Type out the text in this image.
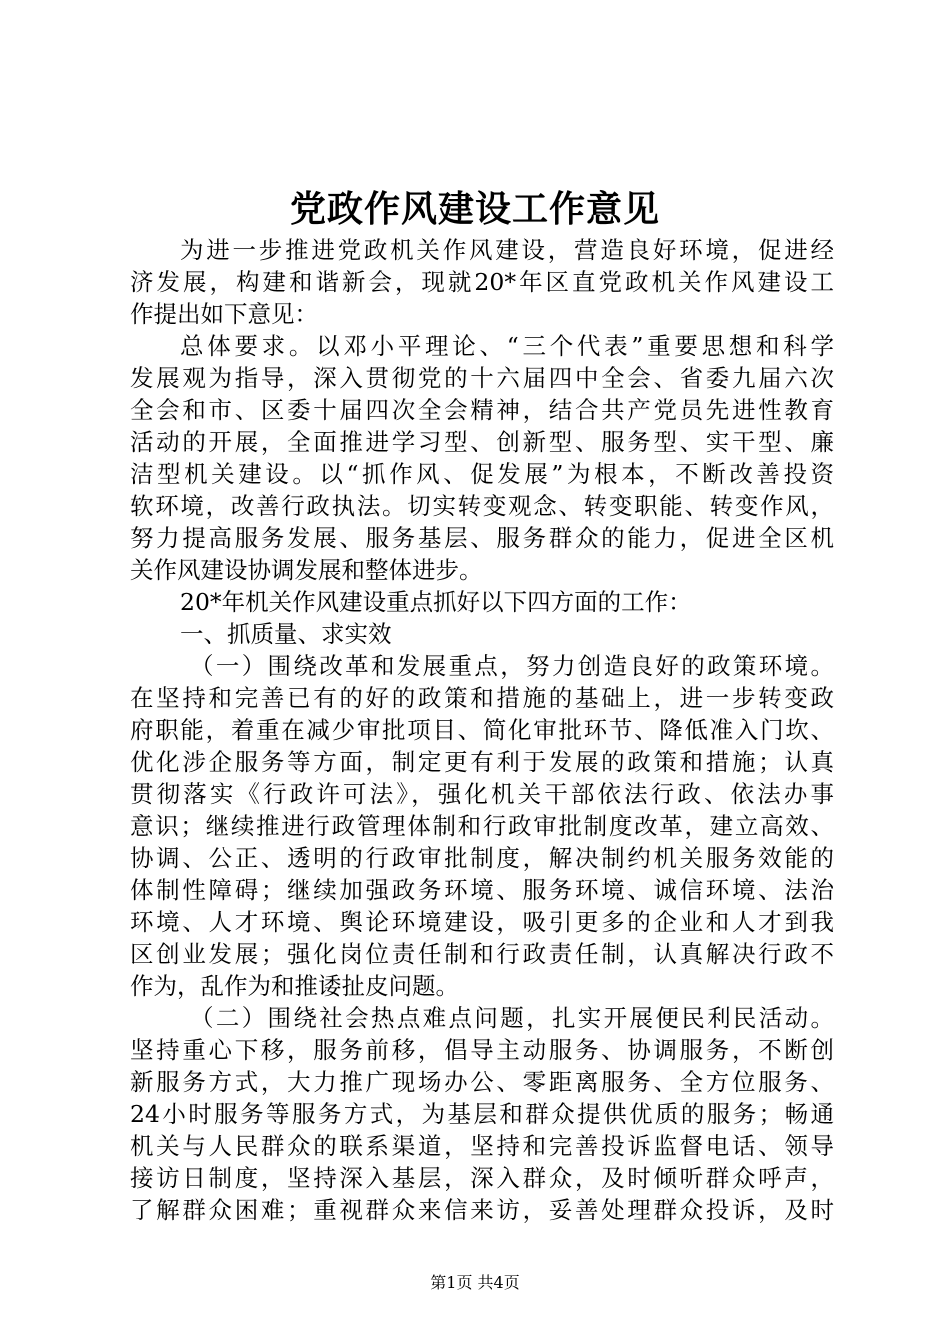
党政作风建设工作意见
为进一步推进党政机关作风建设，营造良好环境，促进经
济发展，构建和谐新会，现就20*年区直党政机关作风建设工
作提出如下意见：
总体要求。以邓小平理论、“三个代表”重要思想和科学
发展观为指导，深入贯彻党的十六届四中全会、省委九届六次
全会和市、区委十届四次全会精神，结合共产党员先进性教育
活动的开展，全面推进学习型、创新型、服务型、实干型、廉
洁型机关建设。以“抓作风、促发展”为根本，不断改善投资
软环境，改善行政执法。切实转变观念、转变职能、转变作风，
努力提高服务发展、服务基层、服务群众的能力，促进全区机
关作风建设协调发展和整体进步。
20*年机关作风建设重点抓好以下四方面的工作：
一、抓质量、求实效
（一）围绕改革和发展重点，努力创造良好的政策环境。
在坚持和完善已有的好的政策和措施的基础上，进一步转变政
府职能，着重在减少审批项目、简化审批环节、降低准入门坎、
优化涉企服务等方面，制定更有利于发展的政策和措施；认真
贯彻落实《行政许可法》，强化机关干部依法行政、依法办事
意识；继续推进行政管理体制和行政审批制度改革，建立高效、
协调、公正、透明的行政审批制度，解决制约机关服务效能的
体制性障碍；继续加强政务环境、服务环境、诚信环境、法治
环境、人才环境、舆论环境建设，吸引更多的企业和人才到我
区创业发展；强化岗位责任制和行政责任制，认真解决行政不
作为，乱作为和推诿扯皮问题。
（二）围绕社会热点难点问题，扎实开展便民利民活动。
坚持重心下移，服务前移，倡导主动服务、协调服务，不断创
新服务方式，大力推广现场办公、零距离服务、全方位服务、
24小时服务等服务方式，为基层和群众提供优质的服务；畅通
机关与人民群众的联系渠道，坚持和完善投诉监督电话、领导
接访日制度，坚持深入基层，深入群众，及时倾听群众呼声，
了解群众困难；重视群众来信来访，妥善处理群众投诉，及时
第1页 共4页
